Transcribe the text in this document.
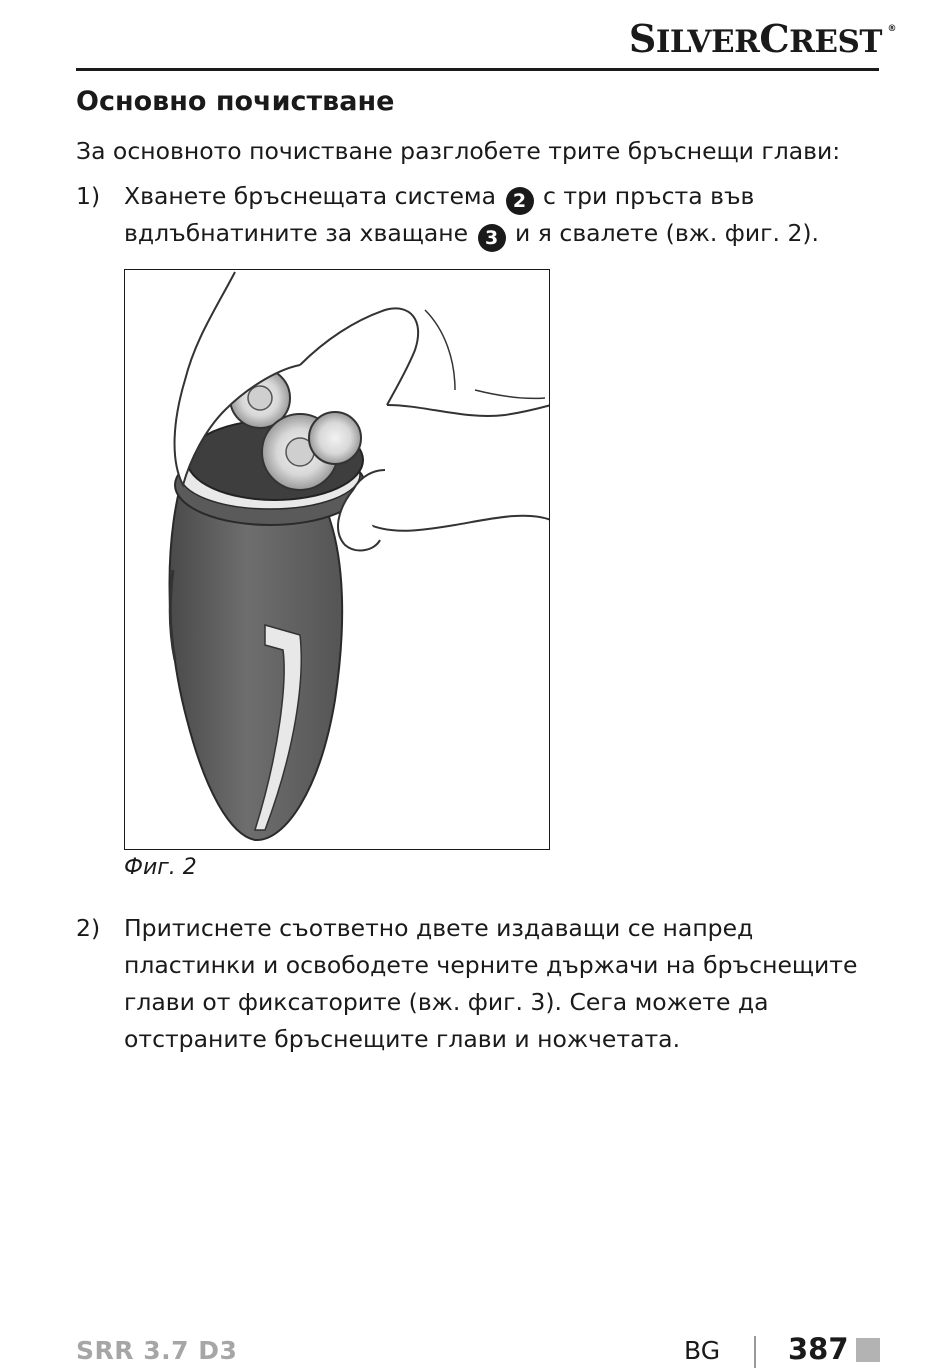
SILVERCREST ®
Основно почистване

За основното почистване разглобете трите бръснещи глави:

1) Хванете бръснещата система 2 с три пръста във
вдлъбнатините за хващане 3 и я свалете (вж. фиг. 2).
Фиг. 2
2) Притиснете съответно двете издаващи се напред пластинки и освободете черните държачи на бръснещите глави от фиксаторите (вж. фиг. 3). Сега можете да отстраните бръснещите глави и ножчетата.
SRR 3.7 D3	BG 387
